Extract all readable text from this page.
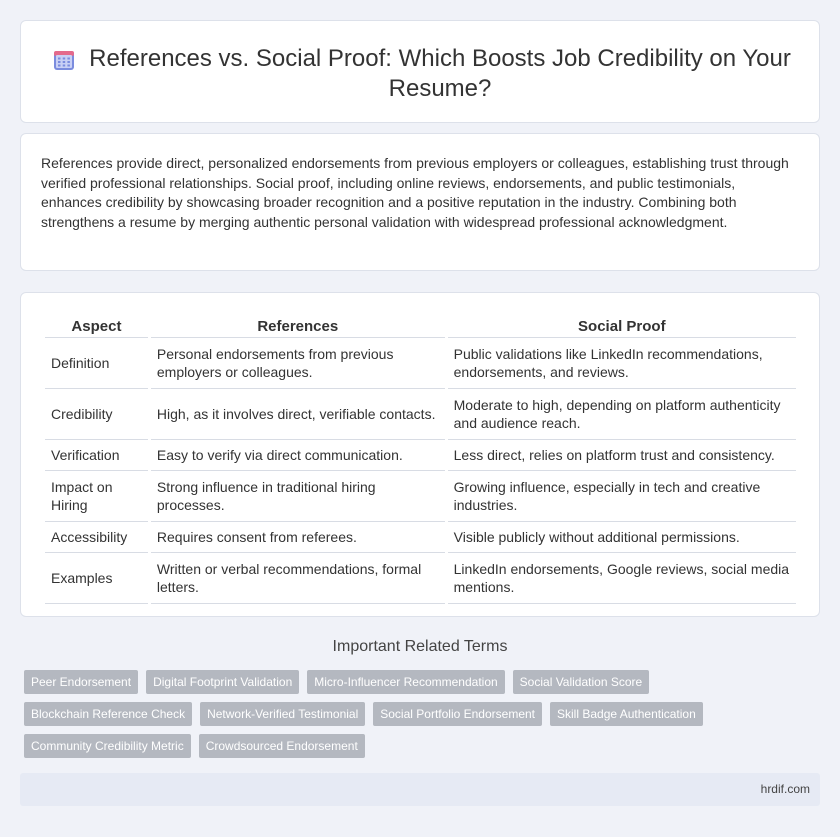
References vs. Social Proof: Which Boosts Job Credibility on Your Resume?

References provide direct, personalized endorsements from previous employers or colleagues, establishing trust through verified professional relationships. Social proof, including online reviews, endorsements, and public testimonials, enhances credibility by showcasing broader recognition and a positive reputation in the industry. Combining both strengthens a resume by merging authentic personal validation with widespread professional acknowledgment.

Aspect	References	Social Proof
Definition	Personal endorsements from previous employers or colleagues.	Public validations like LinkedIn recommendations, endorsements, and reviews.
Credibility	High, as it involves direct, verifiable contacts.	Moderate to high, depending on platform authenticity and audience reach.
Verification	Easy to verify via direct communication.	Less direct, relies on platform trust and consistency.
Impact on Hiring	Strong influence in traditional hiring processes.	Growing influence, especially in tech and creative industries.
Accessibility	Requires consent from referees.	Visible publicly without additional permissions.
Examples	Written or verbal recommendations, formal letters.	LinkedIn endorsements, Google reviews, social media mentions.
Important Related Terms
Peer Endorsement	Digital Footprint Validation	Micro-Influencer Recommendation	Social Validation Score
Blockchain Reference Check	Network-Verified Testimonial	Social Portfolio Endorsement	Skill Badge Authentication
Community Credibility Metric	Crowdsourced Endorsement
hrdif.com
